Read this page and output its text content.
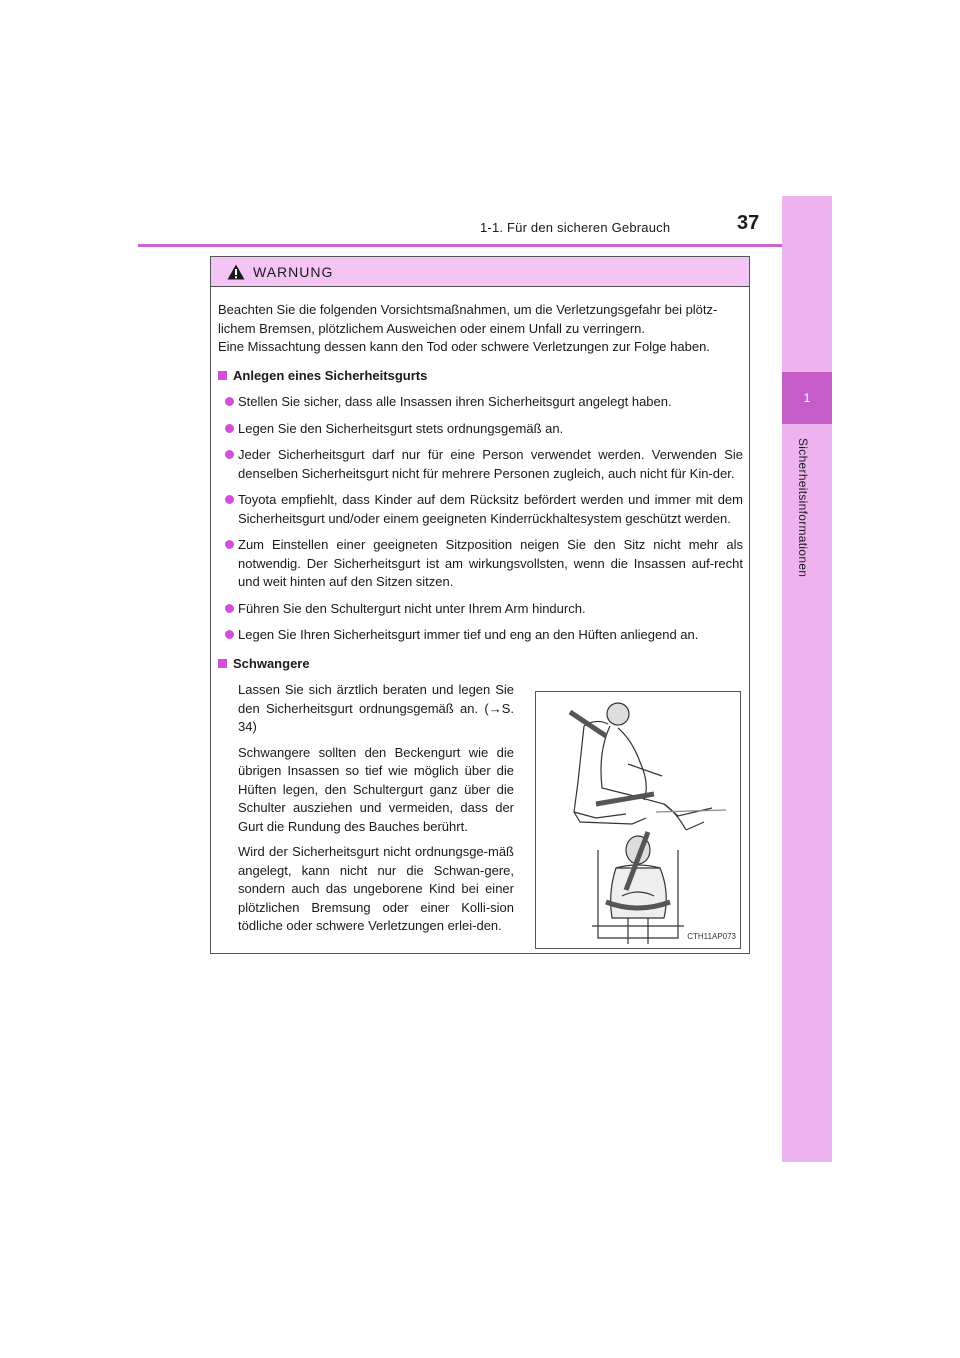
1-1. Für den sicheren Gebrauch	37
1
Sicherheitsinformationen
WARNUNG

Beachten Sie die folgenden Vorsichtsmaßnahmen, um die Verletzungsgefahr bei plötz-lichem Bremsen, plötzlichem Ausweichen oder einem Unfall zu verringern.

Eine Missachtung dessen kann den Tod oder schwere Verletzungen zur Folge haben.

Anlegen eines Sicherheitsgurts
Stellen Sie sicher, dass alle Insassen ihren Sicherheitsgurt angelegt haben.
Legen Sie den Sicherheitsgurt stets ordnungsgemäß an.
Jeder Sicherheitsgurt darf nur für eine Person verwendet werden. Verwenden Sie denselben Sicherheitsgurt nicht für mehrere Personen zugleich, auch nicht für Kin-der.
Toyota empfiehlt, dass Kinder auf dem Rücksitz befördert werden und immer mit dem Sicherheitsgurt und/oder einem geeigneten Kinderrückhaltesystem geschützt werden.
Zum Einstellen einer geeigneten Sitzposition neigen Sie den Sitz nicht mehr als notwendig. Der Sicherheitsgurt ist am wirkungsvollsten, wenn die Insassen auf-recht und weit hinten auf den Sitzen sitzen.
Führen Sie den Schultergurt nicht unter Ihrem Arm hindurch.
Legen Sie Ihren Sicherheitsgurt immer tief und eng an den Hüften anliegend an.
Schwangere

Lassen Sie sich ärztlich beraten und legen Sie den Sicherheitsgurt ordnungsgemäß an. (→S. 34)

Schwangere sollten den Beckengurt wie die übrigen Insassen so tief wie möglich über die Hüften legen, den Schultergurt ganz über die Schulter ausziehen und vermeiden, dass der Gurt die Rundung des Bauches berührt.

Wird der Sicherheitsgurt nicht ordnungsge-mäß angelegt, kann nicht nur die Schwan-gere, sondern auch das ungeborene Kind bei einer plötzlichen Bremsung oder einer Kolli-sion tödliche oder schwere Verletzungen erlei-den.

CTH11AP073
